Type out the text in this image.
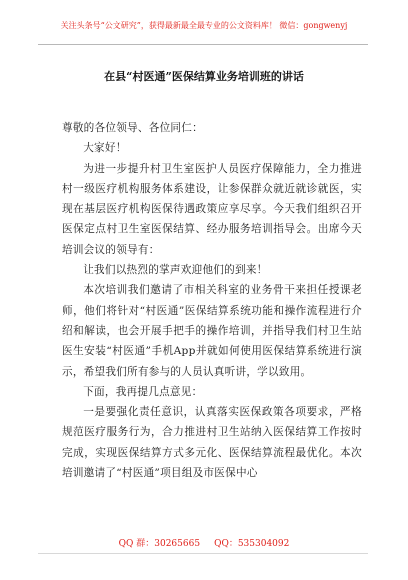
关注头条号“公文研究”，获得最新最全最专业的公文资料库！ 微信：gongwenyj
在县“村医通”医保结算业务培训班的讲话

尊敬的各位领导、各位同仁：

大家好！

为进一步提升村卫生室医护人员医疗保障能力，全力推进村一级医疗机构服务体系建设，让参保群众就近就诊就医，实现在基层医疗机构医保待遇政策应享尽享。今天我们组织召开医保定点村卫生室医保结算、经办服务培训指导会。出席今天培训会议的领导有：

让我们以热烈的掌声欢迎他们的到来！

本次培训我们邀请了市相关科室的业务骨干来担任授课老师，他们将针对“村医通”医保结算系统功能和操作流程进行介绍和解读，也会开展手把手的操作培训，并指导我们村卫生站医生安装“村医通”手机App并就如何使用医保结算系统进行演示，希望我们所有参与的人员认真听讲，学以致用。

下面，我再提几点意见：

一是要强化责任意识，认真落实医保政策各项要求，严格规范医疗服务行为，合力推进村卫生站纳入医保结算工作按时完成，实现医保结算方式多元化、医保结算流程最优化。本次培训邀请了“村医通”项目组及市医保中心

QQ 群：30265665 QQ：535304092
